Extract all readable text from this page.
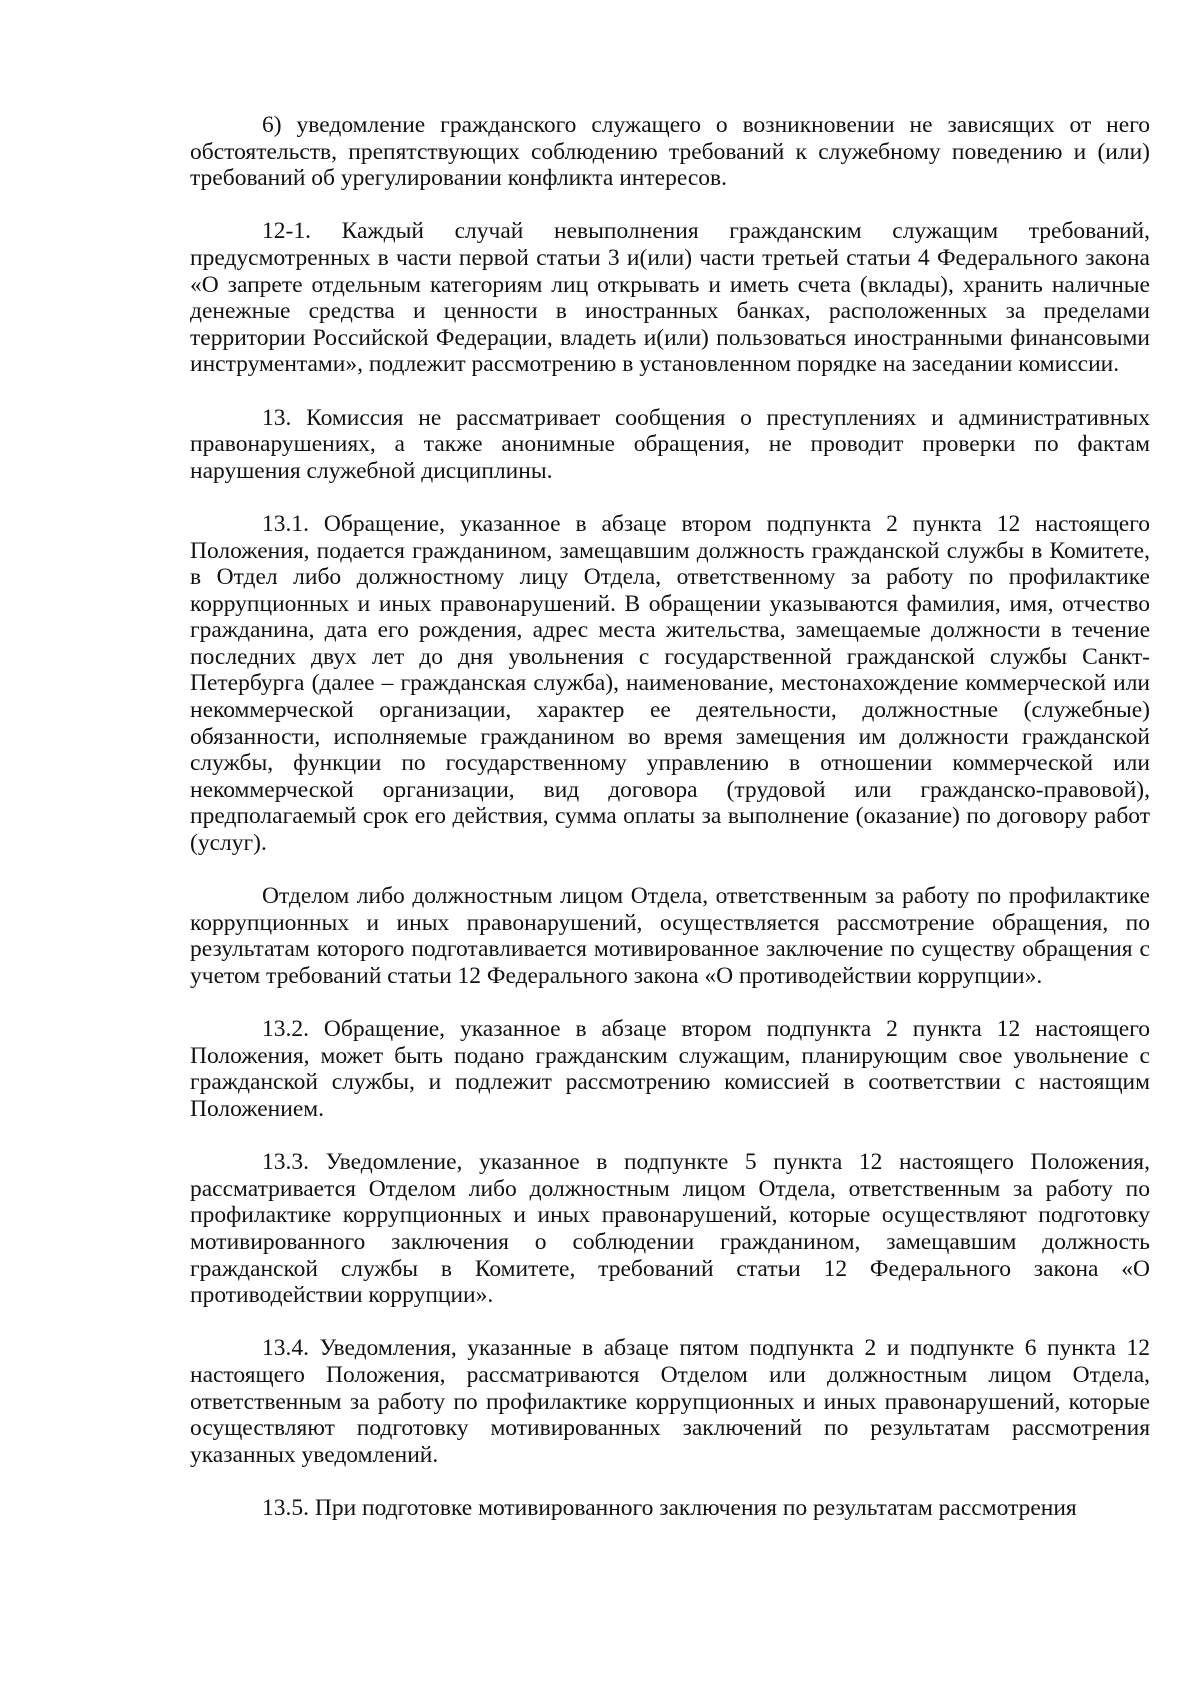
6) уведомление гражданского служащего о возникновении не зависящих от него обстоятельств, препятствующих соблюдению требований к служебному поведению и (или) требований об урегулировании конфликта интересов.

12-1. Каждый случай невыполнения гражданским служащим требований, предусмотренных в части первой статьи 3 и(или) части третьей статьи 4 Федерального закона «О запрете отдельным категориям лиц открывать и иметь счета (вклады), хранить наличные денежные средства и ценности в иностранных банках, расположенных за пределами территории Российской Федерации, владеть и(или) пользоваться иностранными финансовыми инструментами», подлежит рассмотрению в установленном порядке на заседании комиссии.

13. Комиссия не рассматривает сообщения о преступлениях и административных правонарушениях, а также анонимные обращения, не проводит проверки по фактам нарушения служебной дисциплины.

13.1. Обращение, указанное в абзаце втором подпункта 2 пункта 12 настоящего Положения, подается гражданином, замещавшим должность гражданской службы в Комитете, в Отдел либо должностному лицу Отдела, ответственному за работу по профилактике коррупционных и иных правонарушений. В обращении указываются фамилия, имя, отчество гражданина, дата его рождения, адрес места жительства, замещаемые должности в течение последних двух лет до дня увольнения с государственной гражданской службы Санкт-Петербурга (далее – гражданская служба), наименование, местонахождение коммерческой или некоммерческой организации, характер ее деятельности, должностные (служебные) обязанности, исполняемые гражданином во время замещения им должности гражданской службы, функции по государственному управлению в отношении коммерческой или некоммерческой организации, вид договора (трудовой или гражданско-правовой), предполагаемый срок его действия, сумма оплаты за выполнение (оказание) по договору работ (услуг).

Отделом либо должностным лицом Отдела, ответственным за работу по профилактике коррупционных и иных правонарушений, осуществляется рассмотрение обращения, по результатам которого подготавливается мотивированное заключение по существу обращения с учетом требований статьи 12 Федерального закона «О противодействии коррупции».

13.2. Обращение, указанное в абзаце втором подпункта 2 пункта 12 настоящего Положения, может быть подано гражданским служащим, планирующим свое увольнение с гражданской службы, и подлежит рассмотрению комиссией в соответствии с настоящим Положением.

13.3. Уведомление, указанное в подпункте 5 пункта 12 настоящего Положения, рассматривается Отделом либо должностным лицом Отдела, ответственным за работу по профилактике коррупционных и иных правонарушений, которые осуществляют подготовку мотивированного заключения о соблюдении гражданином, замещавшим должность гражданской службы в Комитете, требований статьи 12 Федерального закона «О противодействии коррупции».

13.4. Уведомления, указанные в абзаце пятом подпункта 2 и подпункте 6 пункта 12 настоящего Положения, рассматриваются Отделом или должностным лицом Отдела, ответственным за работу по профилактике коррупционных и иных правонарушений, которые осуществляют подготовку мотивированных заключений по результатам рассмотрения указанных уведомлений.

13.5. При подготовке мотивированного заключения по результатам рассмотрения
